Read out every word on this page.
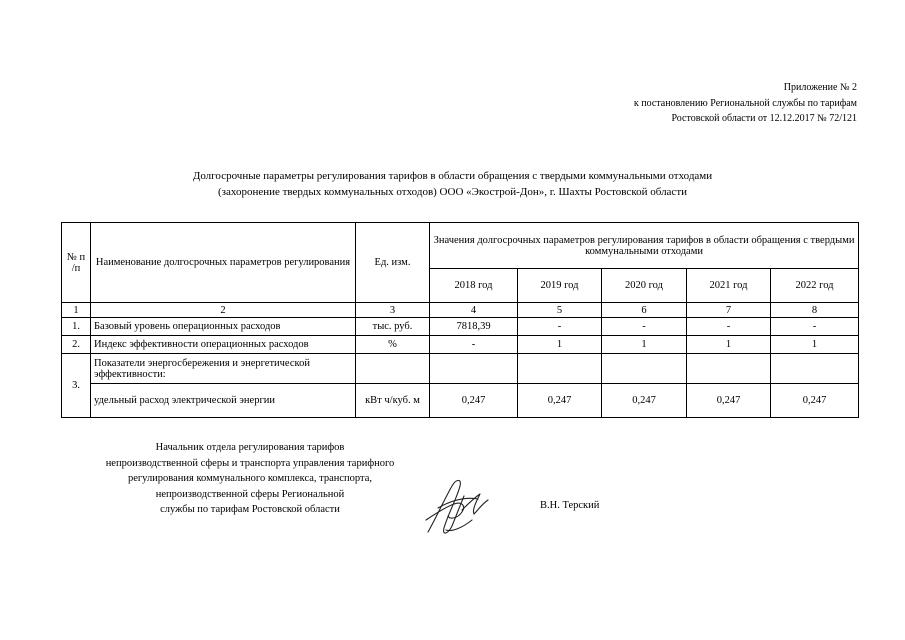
Приложение № 2
к постановлению Региональной службы по тарифам
Ростовской области от 12.12.2017 № 72/121
Долгосрочные параметры регулирования тарифов в области обращения с твердыми коммунальными отходами
(захоронение твердых коммунальных отходов) ООО «Экострой-Дон», г. Шахты Ростовской области
№ п /п	Наименование долгосрочных параметров регулирования	Ед. изм.	Значения долгосрочных параметров регулирования тарифов в области обращения с твердыми коммунальными отходами				
			2018 год	2019 год	2020 год	2021 год	2022 год
1	2	3	4	5	6	7	8
1.	Базовый уровень операционных расходов	тыс. руб.	7818,39	-	-	-	-
2.	Индекс эффективности операционных расходов	%	-	1	1	1	1
3.	Показатели энергосбережения и энергетической эффективности:						
	удельный расход электрической энергии	кВт ч/куб. м	0,247	0,247	0,247	0,247	0,247
Начальник отдела регулирования тарифов
непроизводственной сферы и транспорта управления тарифного
регулирования коммунального комплекса, транспорта,
непроизводственной сферы Региональной
службы по тарифам Ростовской области	В.Н. Терский
